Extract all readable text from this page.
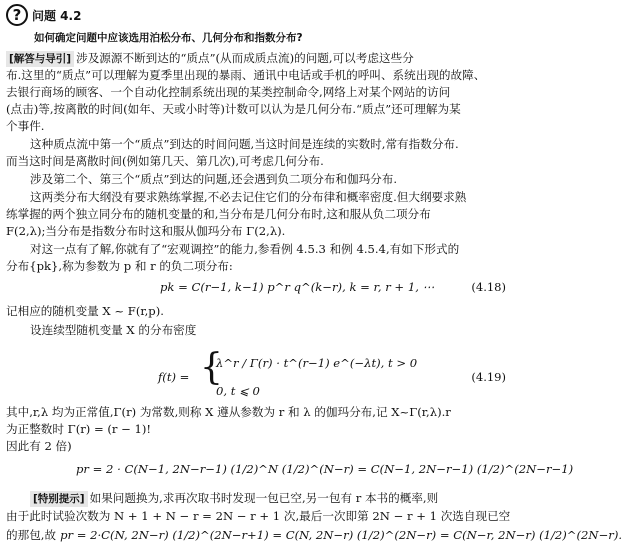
? 问题 4.2
如何确定问题中应该选用泊松分布、几何分布和指数分布?
[解答与导引] 涉及源源不断到达的“质点”(从而成质点流)的问题,可以考虑这些分
布.这里的“质点”可以理解为夏季里出现的暴雨、通讯中电话或手机的呼叫、系统出现的故障、
去银行商场的顾客、一个自动化控制系统出现的某类控制命令,网络上对某个网站的访问
(点击)等,按离散的时间(如年、天或小时等)计数可以认为是几何分布.“质点”还可理解为某
个事件.
这种质点流中第一个“质点”到达的时间问题,当这时间是连续的实数时,常有指数分布.
而当这时间是离散时间(例如第几天、第几次),可考虑几何分布.
涉及第二个、第三个“质点”到达的问题,还会遇到负二项分布和伽玛分布.
这两类分布大纲没有要求熟练掌握,不必去记住它们的分布律和概率密度.但大纲要求熟
练掌握的两个独立同分布的随机变量的和,当分布是几何分布时,这和服从负二项分布
F(2,λ);当分布是指数分布时这和服从伽玛分布 Γ(2,λ).
对这一点有了解,你就有了“宏观调控”的能力,参看例 4.5.3 和例 4.5.4,有如下形式的
分布{pk},称为参数为 p 和 r 的负二项分布:
pk = C(r−1, k−1) p^r q^(k−r), k = r, r + 1, ⋯	(4.18)
记相应的随机变量 X ~ F(r,p).
设连续型随机变量 X 的分布密度
f(t) = {
λ^r / Γ(r) · t^(r−1) e^(−λt), t > 0
0, t ⩽ 0
(4.19)
其中,r,λ 均为正常值,Γ(r) 为常数,则称 X 遵从参数为 r 和 λ 的伽玛分布,记 X~Γ(r,λ).r
为正整数时 Γ(r) = (r − 1)!
因此有 2 倍)
pr = 2 · C(N−1, 2N−r−1) (1/2)^N (1/2)^(N−r) = C(N−1, 2N−r−1) (1/2)^(2N−r−1)
[特别提示] 如果问题换为,求再次取书时发现一包已空,另一包有 r 本书的概率,则
由于此时试验次数为 N + 1 + N − r = 2N − r + 1 次,最后一次即第 2N − r + 1 次选自现已空
的那包,故 pr = 2·C(N, 2N−r) (1/2)^(2N−r+1) = C(N, 2N−r) (1/2)^(2N−r) = C(N−r, 2N−r) (1/2)^(2N−r).
